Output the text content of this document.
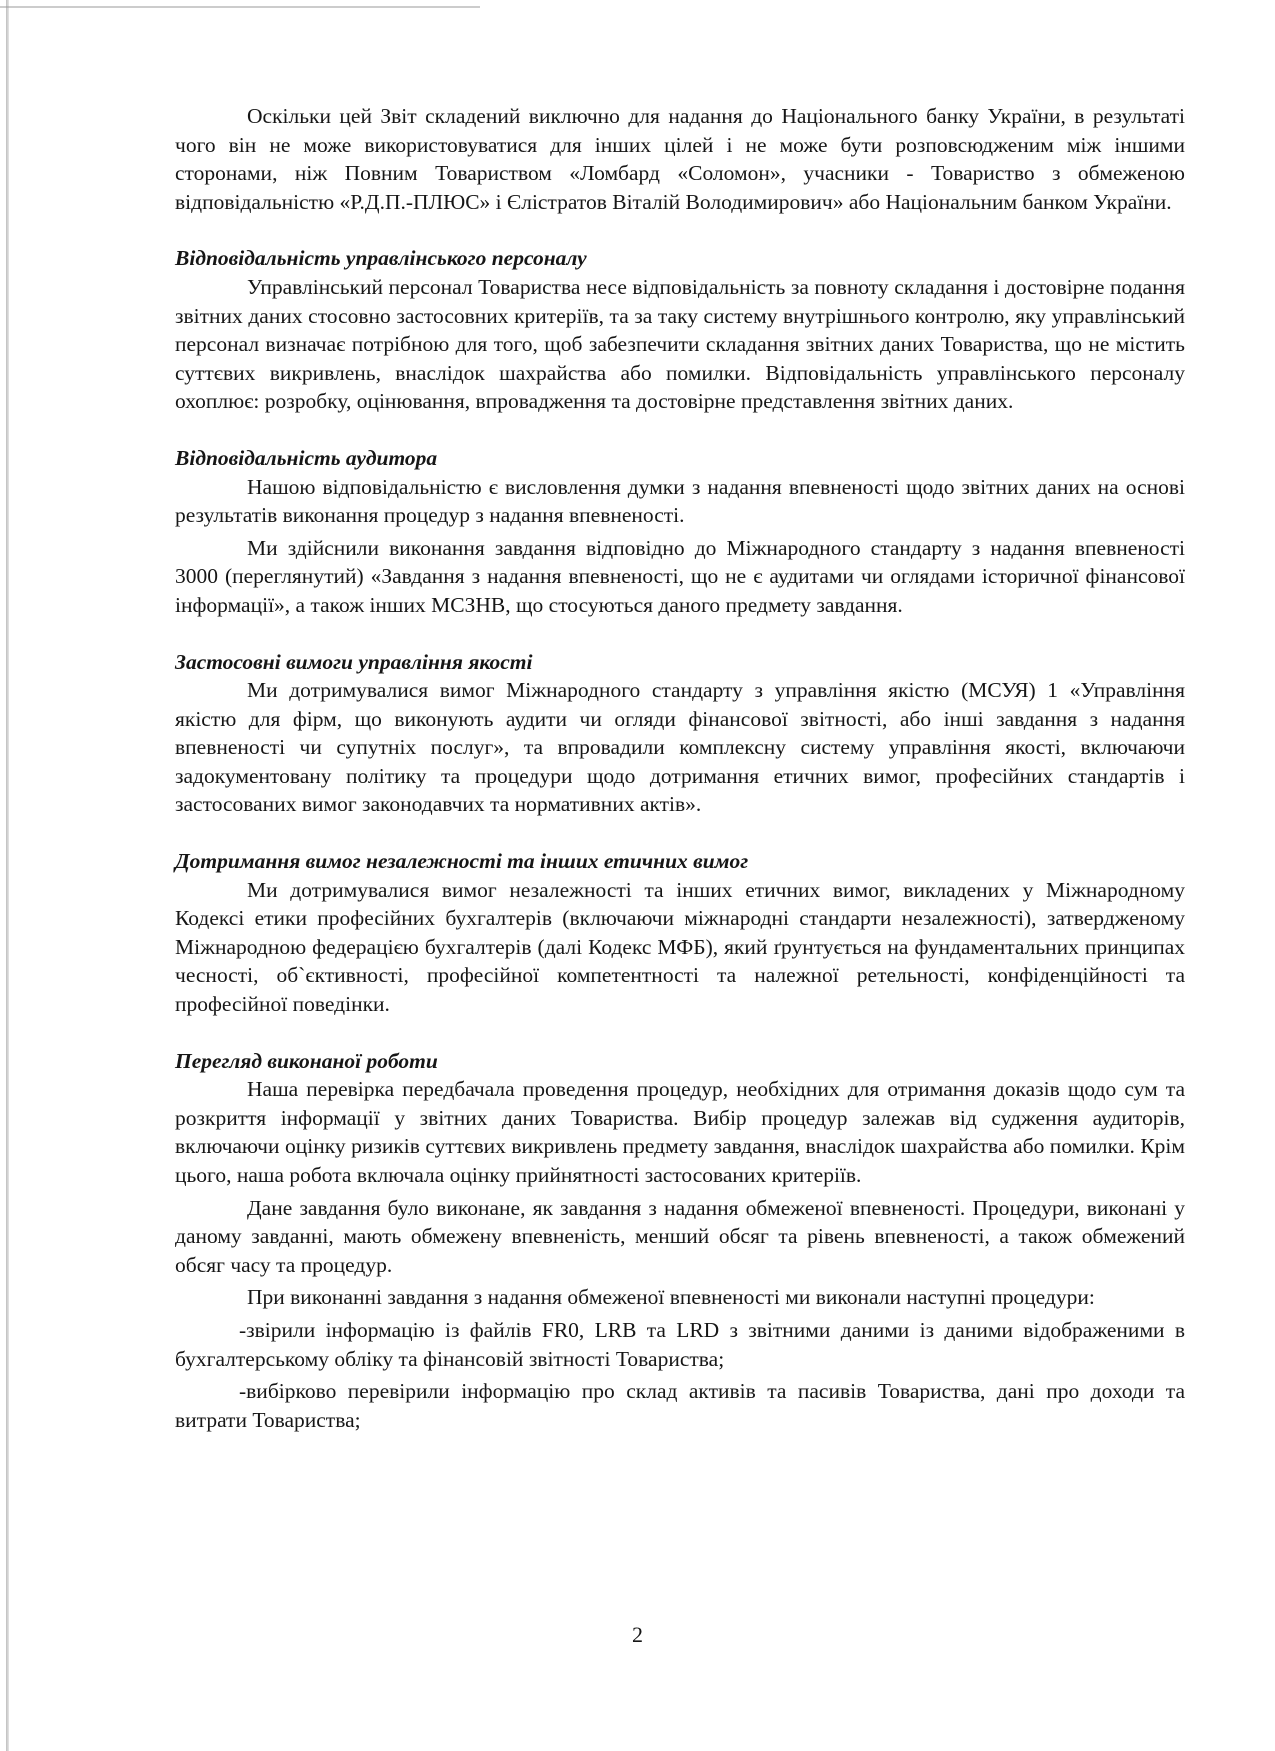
Оскільки цей Звіт складений виключно для надання до Національного банку України, в результаті чого він не може використовуватися для інших цілей і не може бути розповсюдженим між іншими сторонами, ніж Повним Товариством «Ломбард «Соломон», учасники - Товариство з обмеженою відповідальністю «Р.Д.П.-ПЛЮС» і Єлістратов Віталій Володимирович» або Національним банком України.

Відповідальність управлінського персоналу

Управлінський персонал Товариства несе відповідальність за повноту складання і достовірне подання звітних даних стосовно застосовних критеріїв, та за таку систему внутрішнього контролю, яку управлінський персонал визначає потрібною для того, щоб забезпечити складання звітних даних Товариства, що не містить суттєвих викривлень, внаслідок шахрайства або помилки. Відповідальність управлінського персоналу охоплює: розробку, оцінювання, впровадження та достовірне представлення звітних даних.

Відповідальність аудитора

Нашою відповідальністю є висловлення думки з надання впевненості щодо звітних даних на основі результатів виконання процедур з надання впевненості.

Ми здійснили виконання завдання відповідно до Міжнародного стандарту з надання впевненості 3000 (переглянутий) «Завдання з надання впевненості, що не є аудитами чи оглядами історичної фінансової інформації», а також інших МСЗНВ, що стосуються даного предмету завдання.

Застосовні вимоги управління якості

Ми дотримувалися вимог Міжнародного стандарту з управління якістю (МСУЯ) 1 «Управління якістю для фірм, що виконують аудити чи огляди фінансової звітності, або інші завдання з надання впевненості чи супутніх послуг», та впровадили комплексну систему управління якості, включаючи задокументовану політику та процедури щодо дотримання етичних вимог, професійних стандартів і застосованих вимог законодавчих та нормативних актів».

Дотримання вимог незалежності та інших етичних вимог

Ми дотримувалися вимог незалежності та інших етичних вимог, викладених у Міжнародному Кодексі етики професійних бухгалтерів (включаючи міжнародні стандарти незалежності), затвердженому Міжнародною федерацією бухгалтерів (далі Кодекс МФБ), який ґрунтується на фундаментальних принципах чесності, об`єктивності, професійної компетентності та належної ретельності, конфіденційності та професійної поведінки.

Перегляд виконаної роботи

Наша перевірка передбачала проведення процедур, необхідних для отримання доказів щодо сум та розкриття інформації у звітних даних Товариства. Вибір процедур залежав від судження аудиторів, включаючи оцінку ризиків суттєвих викривлень предмету завдання, внаслідок шахрайства або помилки. Крім цього, наша робота включала оцінку прийнятності застосованих критеріїв.

Дане завдання було виконане, як завдання з надання обмеженої впевненості. Процедури, виконані у даному завданні, мають обмежену впевненість, менший обсяг та рівень впевненості, а також обмежений обсяг часу та процедур.

При виконанні завдання з надання обмеженої впевненості ми виконали наступні процедури:

-звірили інформацію із файлів FR0, LRB та LRD з звітними даними із даними відображеними в бухгалтерському обліку та фінансовій звітності Товариства;

-вибірково перевірили інформацію про склад активів та пасивів Товариства, дані про доходи та витрати Товариства;

2
